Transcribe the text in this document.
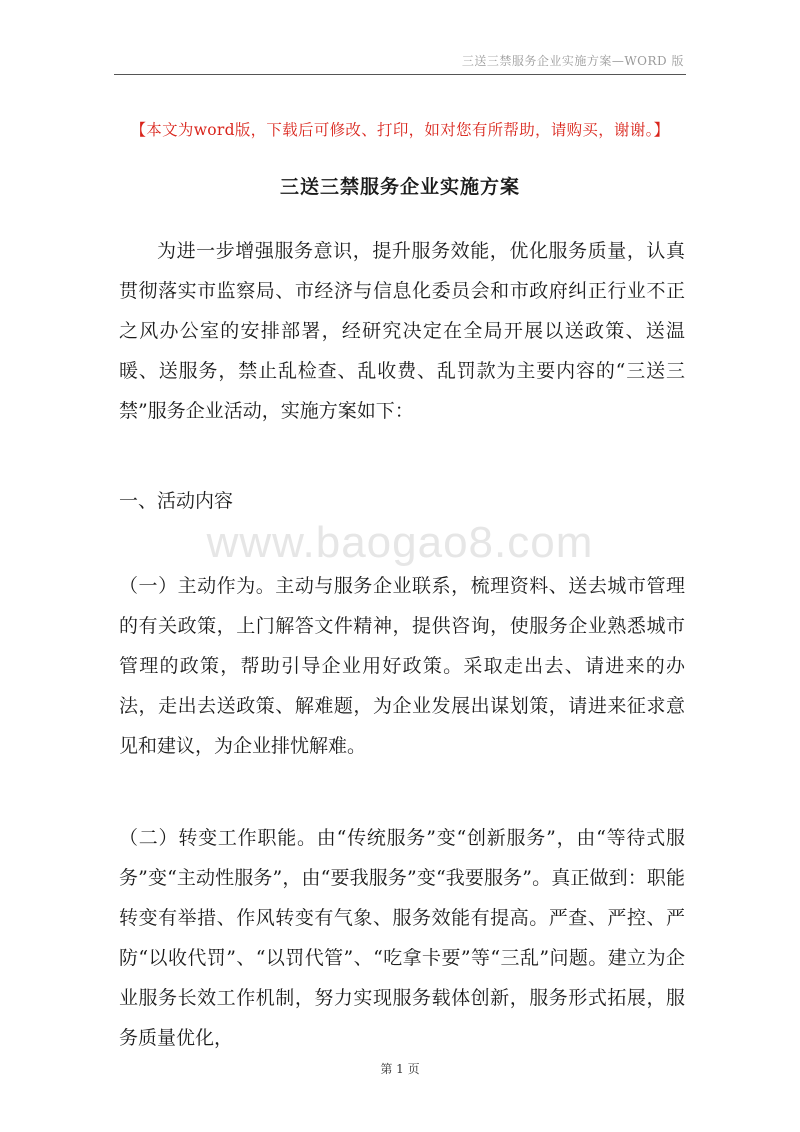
三送三禁服务企业实施方案—WORD 版
【本文为word版，下载后可修改、打印，如对您有所帮助，请购买，谢谢。】
三送三禁服务企业实施方案
为进一步增强服务意识，提升服务效能，优化服务质量，认真贯彻落实市监察局、市经济与信息化委员会和市政府纠正行业不正之风办公室的安排部署，经研究决定在全局开展以送政策、送温暖、送服务，禁止乱检查、乱收费、乱罚款为主要内容的“三送三禁”服务企业活动，实施方案如下：
一、活动内容
www.baogao8.com
（一）主动作为。主动与服务企业联系，梳理资料、送去城市管理的有关政策，上门解答文件精神，提供咨询，使服务企业熟悉城市管理的政策，帮助引导企业用好政策。采取走出去、请进来的办法，走出去送政策、解难题，为企业发展出谋划策，请进来征求意见和建议，为企业排忧解难。
（二）转变工作职能。由“传统服务”变“创新服务”，由“等待式服务”变“主动性服务”，由“要我服务”变“我要服务”。真正做到：职能转变有举措、作风转变有气象、服务效能有提高。严查、严控、严防“以收代罚”、“以罚代管”、“吃拿卡要”等“三乱”问题。建立为企业服务长效工作机制，努力实现服务载体创新，服务形式拓展，服务质量优化，
第 1 页
